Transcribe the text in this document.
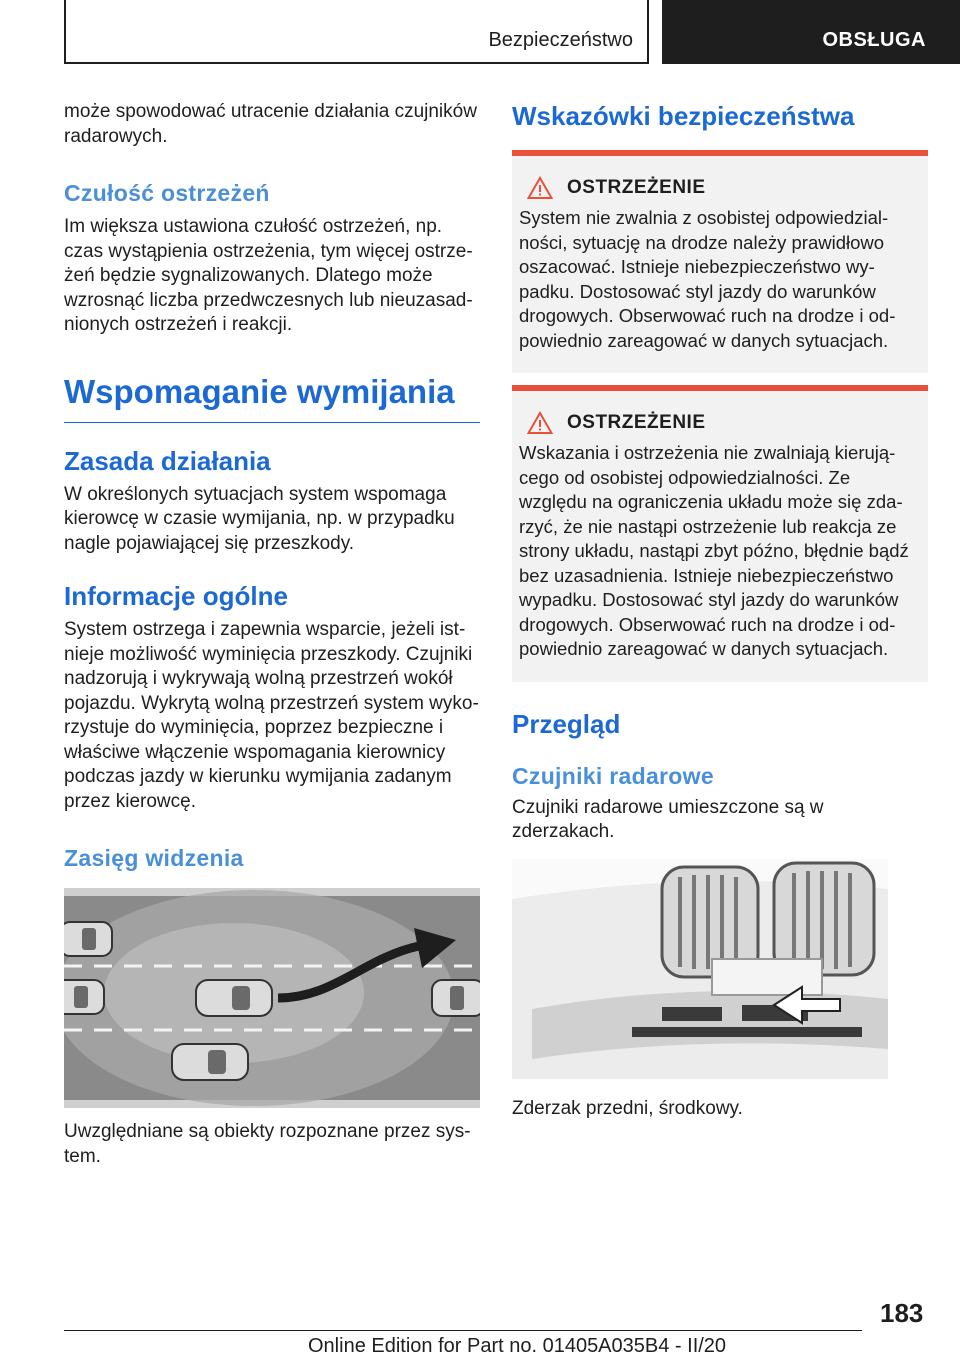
Bezpieczeństwo	OBSŁUGA

może spowodować utracenie działania czujników radarowych.

Czułość ostrzeżeń

Im większa ustawiona czułość ostrzeżeń, np. czas wystąpienia ostrzeżenia, tym więcej ostrzeżeń będzie sygnalizowanych. Dlatego może wzrosnąć liczba przedwczesnych lub nieuzasadnionych ostrzeżeń i reakcji.

Wspomaganie wymijania
Zasada działania

W określonych sytuacjach system wspomaga kierowcę w czasie wymijania, np. w przypadku nagle pojawiającej się przeszkody.

Informacje ogólne

System ostrzega i zapewnia wsparcie, jeżeli istnieje możliwość wyminięcia przeszkody. Czujniki nadzorują i wykrywają wolną przestrzeń wokół pojazdu. Wykrytą wolną przestrzeń system wykorzystuje do wyminięcia, poprzez bezpieczne i właściwe włączenie wspomagania kierownicy podczas jazdy w kierunku wymijania zadanym przez kierowcę.

Zasięg widzenia

Uwzględniane są obiekty rozpoznane przez system.

Wskazówki bezpieczeństwa
OSTRZEŻENIE

System nie zwalnia z osobistej odpowiedzialności, sytuację na drodze należy prawidłowo oszacować. Istnieje niebezpieczeństwo wypadku. Dostosować styl jazdy do warunków drogowych. Obserwować ruch na drodze i odpowiednio zareagować w danych sytuacjach.

OSTRZEŻENIE

Wskazania i ostrzeżenia nie zwalniają kierującego od osobistej odpowiedzialności. Ze względu na ograniczenia układu może się zdarzyć, że nie nastąpi ostrzeżenie lub reakcja ze strony układu, nastąpi zbyt późno, błędnie bądź bez uzasadnienia. Istnieje niebezpieczeństwo wypadku. Dostosować styl jazdy do warunków drogowych. Obserwować ruch na drodze i odpowiednio zareagować w danych sytuacjach.

Przegląd
Czujniki radarowe

Czujniki radarowe umieszczone są w zderzakach.

Zderzak przedni, środkowy.

183
Online Edition for Part no. 01405A035B4 - II/20
